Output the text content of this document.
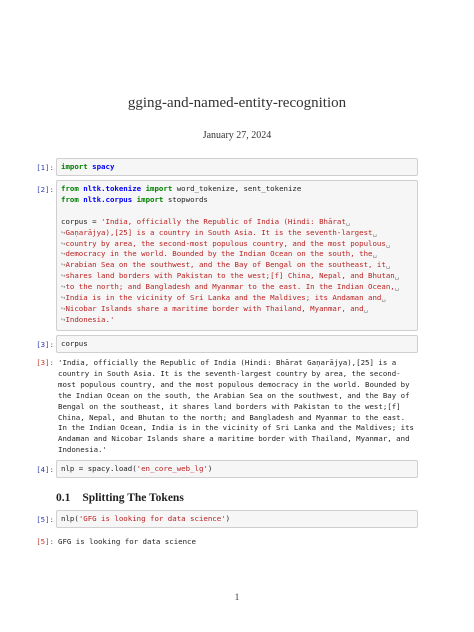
gging-and-named-entity-recognition
January 27, 2024
[1]: import spacy
[2]: from nltk.tokenize import word_tokenize, sent_tokenize
from nltk.corpus import stopwords

corpus = 'India, officially the Republic of India (Hindi: Bhārat␣
↪Gaṇarājya),[25] is a country in South Asia. It is the seventh-largest␣
↪country by area, the second-most populous country, and the most populous␣
↪democracy in the world. Bounded by the Indian Ocean on the south, the␣
↪Arabian Sea on the southwest, and the Bay of Bengal on the southeast, it␣
↪shares land borders with Pakistan to the west;[f] China, Nepal, and Bhutan␣
↪to the north; and Bangladesh and Myanmar to the east. In the Indian Ocean,␣
↪India is in the vicinity of Sri Lanka and the Maldives; its Andaman and␣
↪Nicobar Islands share a maritime border with Thailand, Myanmar, and␣
↪Indonesia.'
[3]: corpus
[3]: 'India, officially the Republic of India (Hindi: Bhārat Gaṇarājya),[25] is a
country in South Asia. It is the seventh-largest country by area, the second-
most populous country, and the most populous democracy in the world. Bounded by
the Indian Ocean on the south, the Arabian Sea on the southwest, and the Bay of
Bengal on the southeast, it shares land borders with Pakistan to the west;[f]
China, Nepal, and Bhutan to the north; and Bangladesh and Myanmar to the east.
In the Indian Ocean, India is in the vicinity of Sri Lanka and the Maldives; its
Andaman and Nicobar Islands share a maritime border with Thailand, Myanmar, and
Indonesia.'
[4]: nlp = spacy.load('en_core_web_lg')
0.1 Splitting The Tokens
[5]: nlp('GFG is looking for data science')
[5]: GFG is looking for data science
1
